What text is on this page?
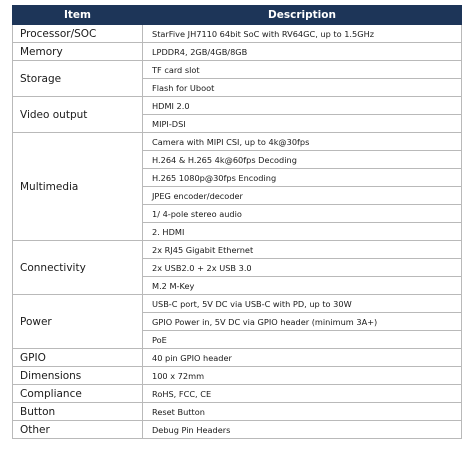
Item	Description
Processor/SOC	StarFive JH7110 64bit SoC with RV64GC, up to 1.5GHz
Memory	LPDDR4, 2GB/4GB/8GB
Storage	TF card slot
	Flash for Uboot
Video output	HDMI 2.0
	MIPI-DSI
Multimedia	Camera with MIPI CSI, up to 4k@30fps
	H.264 & H.265 4k@60fps Decoding
	H.265 1080p@30fps Encoding
	JPEG encoder/decoder
	1/ 4-pole stereo audio
	2. HDMI
Connectivity	2x RJ45 Gigabit Ethernet
	2x USB2.0 + 2x USB 3.0
	M.2 M-Key
Power	USB-C port, 5V DC via USB-C with PD, up to 30W
	GPIO Power in, 5V DC via GPIO header (minimum 3A+)
	PoE
GPIO	40 pin GPIO header
Dimensions	100 x 72mm
Compliance	RoHS, FCC, CE
Button	Reset Button
Other	Debug Pin Headers
